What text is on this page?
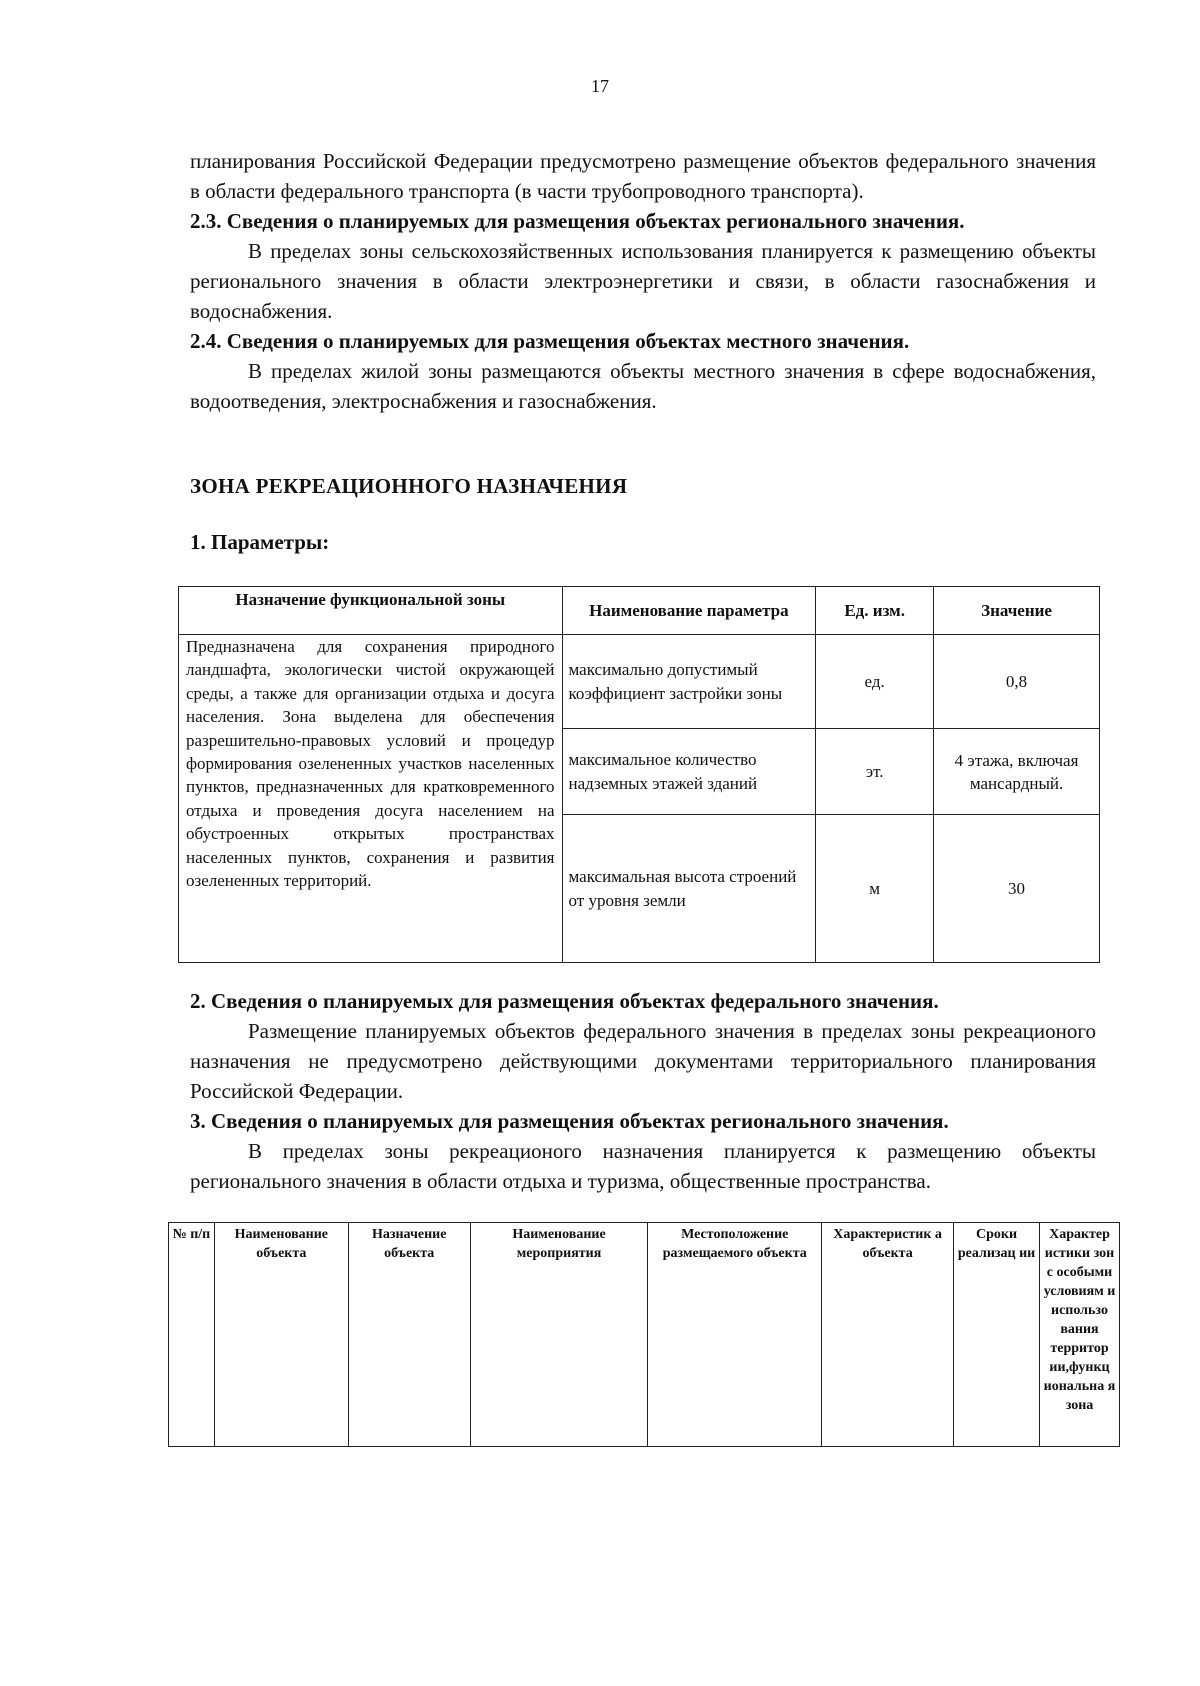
17

планирования Российской Федерации предусмотрено размещение объектов федерального значения в области федерального транспорта (в части трубопроводного транспорта).

2.3. Сведения о планируемых для размещения объектах регионального значения.

В пределах зоны сельскохозяйственных использования планируется к размещению объекты регионального значения в области электроэнергетики и связи, в области газоснабжения и водоснабжения.

2.4. Сведения о планируемых для размещения объектах местного значения.

В пределах жилой зоны размещаются объекты местного значения в сфере водоснабжения, водоотведения, электроснабжения и газоснабжения.

ЗОНА РЕКРЕАЦИОННОГО НАЗНАЧЕНИЯ
1. Параметры:
Назначение функциональной зоны	Наименование параметра	Ед. изм.	Значение
Предназначена для сохранения природного ландшафта, экологически чистой окружающей среды, а также для организации отдыха и досуга населения. Зона выделена для обеспечения разрешительно-правовых условий и процедур формирования озелененных участков населенных пунктов, предназначенных для кратковременного отдыха и проведения досуга населением на обустроенных открытых пространствах населенных пунктов, сохранения и развития озелененных территорий.	максимально допустимый коэффициент застройки зоны	ед.	0,8
	максимальное количество надземных этажей зданий	эт.	4 этажа, включая мансардный.
	максимальная высота строений от уровня земли	м	30

2. Сведения о планируемых для размещения объектах федерального значения.

Размещение планируемых объектов федерального значения в пределах зоны рекреационого назначения не предусмотрено действующими документами территориального планирования Российской Федерации.

3. Сведения о планируемых для размещения объектах регионального значения.

В пределах зоны рекреационого назначения планируется к размещению объекты регионального значения в области отдыха и туризма, общественные пространства.

№ п/п	Наименование объекта	Назначение объекта	Наименование мероприятия	Местоположение размещаемого объекта	Характеристик а объекта	Сроки реализац ии	Характер истики зон с особыми условиям и использо вания территор ии,функц иональна я зона
